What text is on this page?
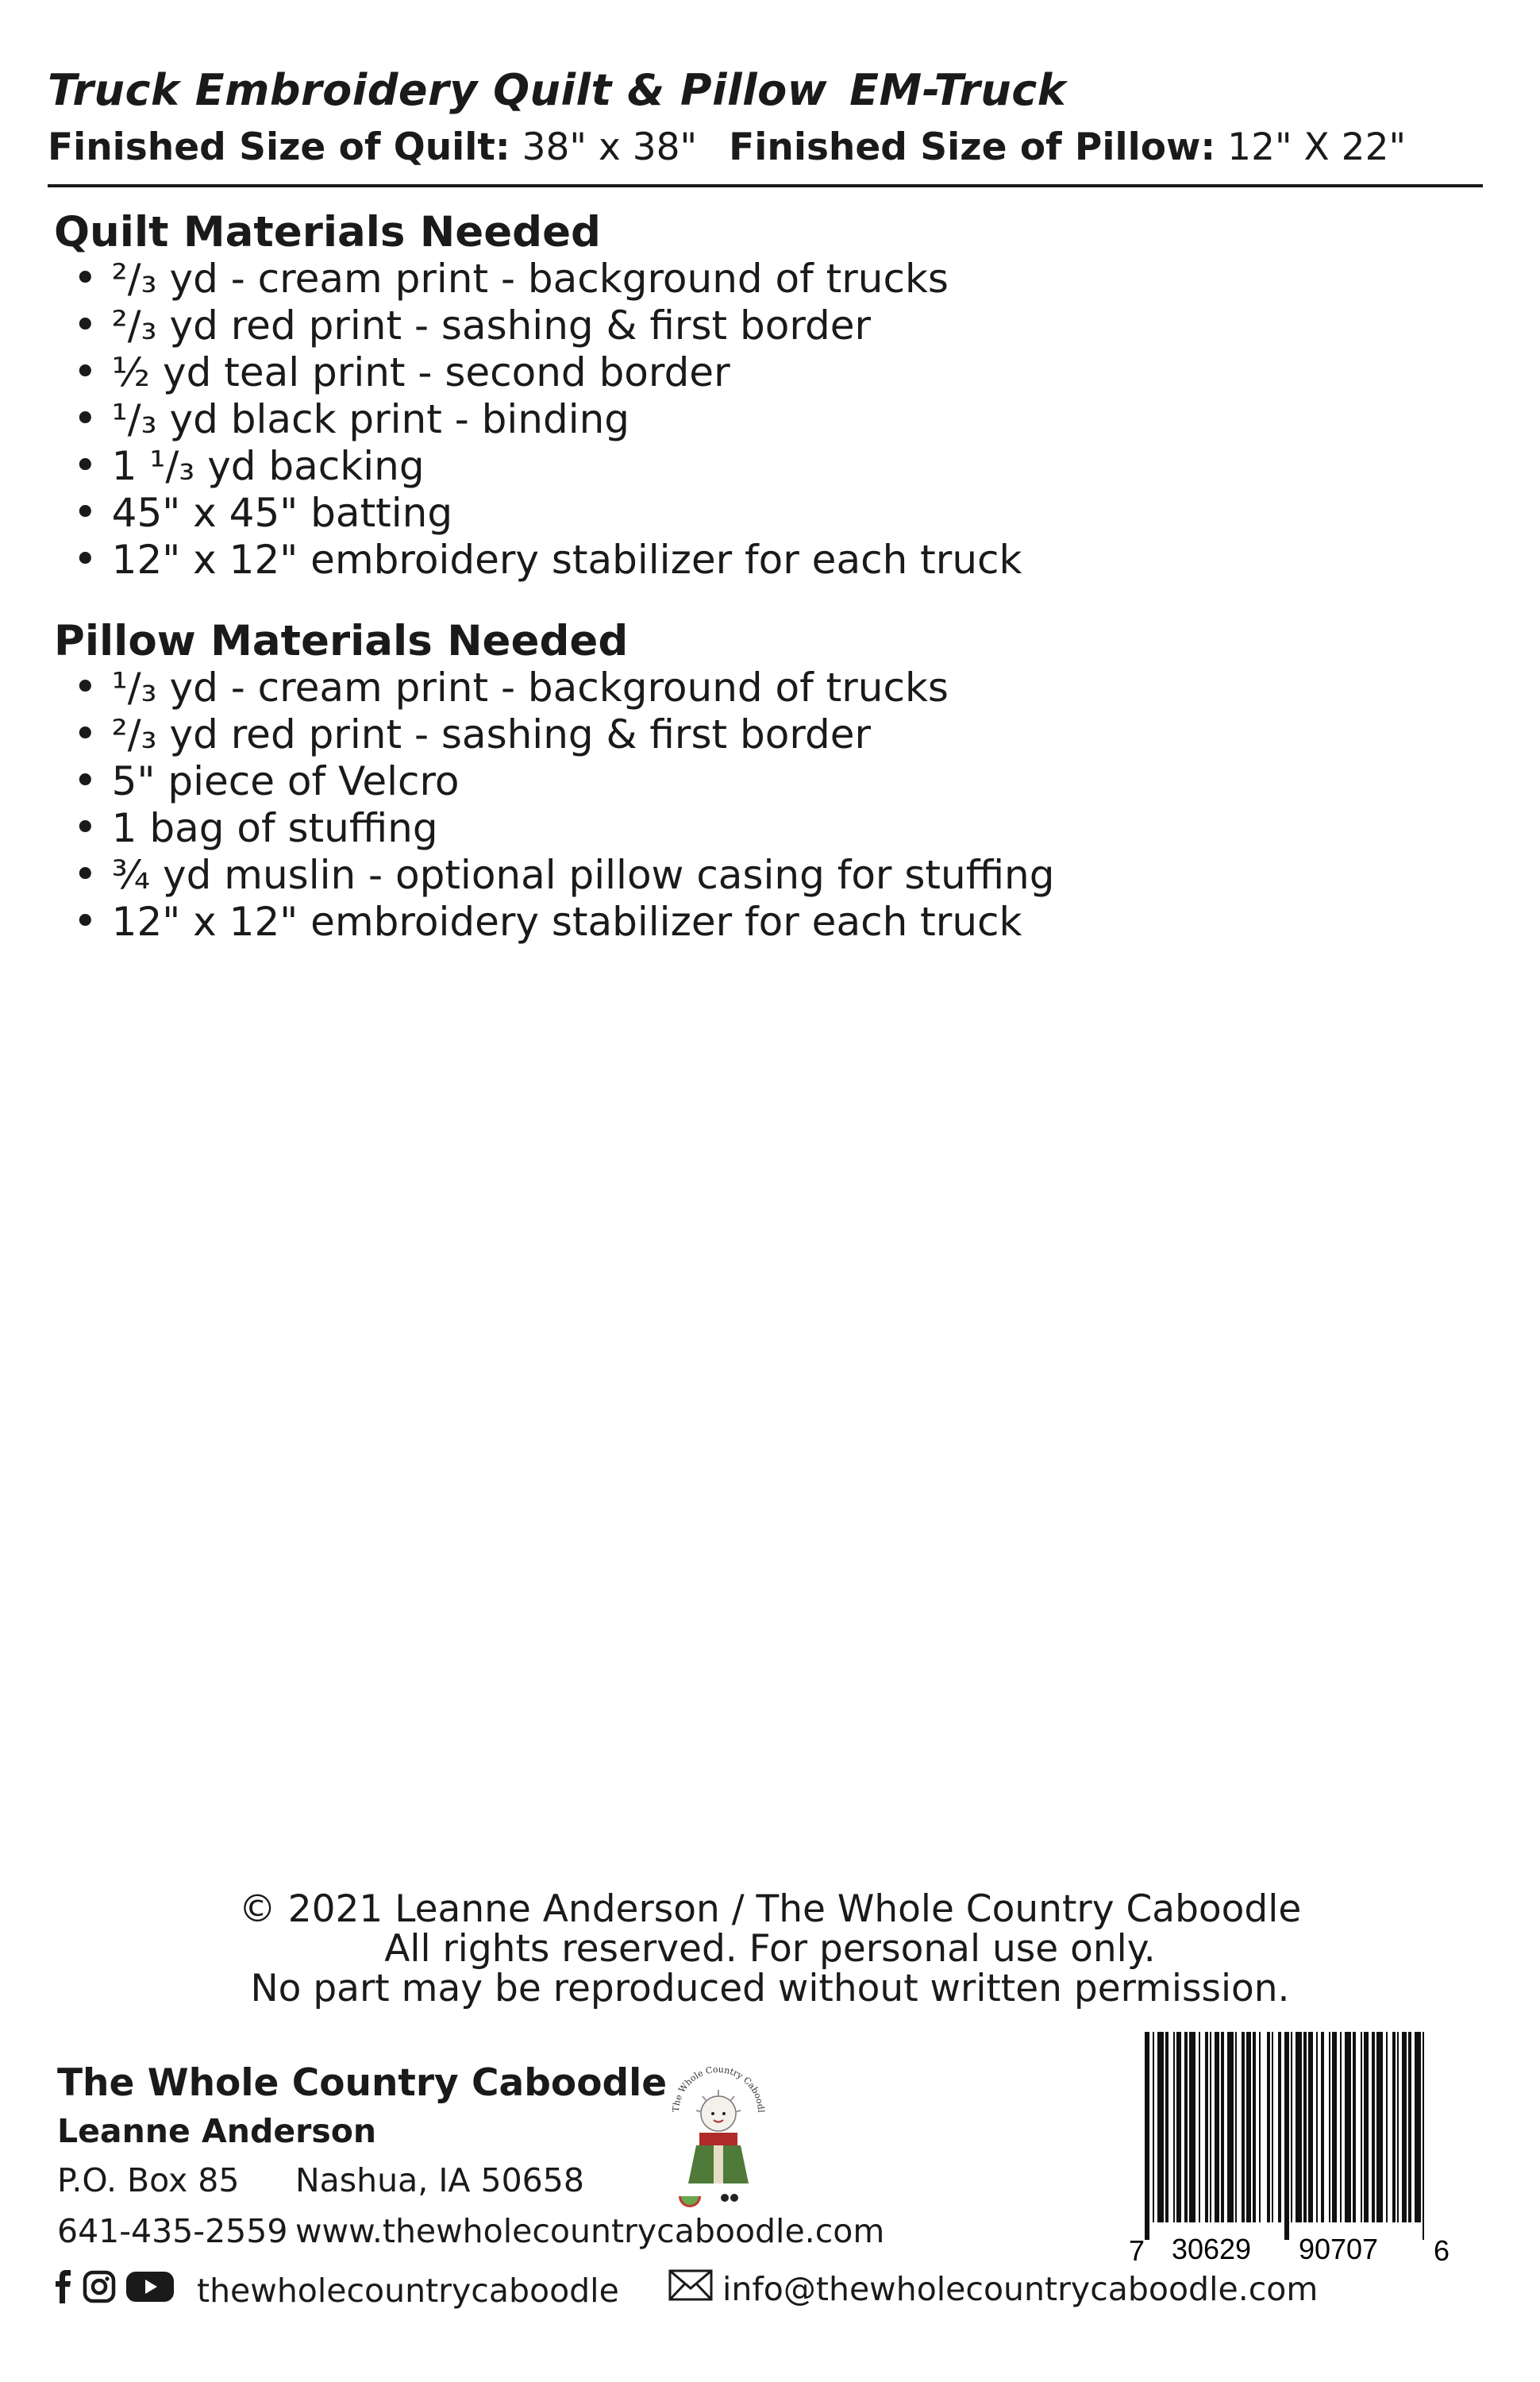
Truck Embroidery Quilt & Pillow EM-Truck
Finished Size of Quilt: 38" x 38" Finished Size of Pillow: 12" X 22"
Quilt Materials Needed
• ²/₃ yd - cream print - background of trucks
• ²/₃ yd red print - sashing & first border
• ½ yd teal print - second border
• ¹/₃ yd black print - binding
• 1 ¹/₃ yd backing
• 45" x 45" batting
• 12" x 12" embroidery stabilizer for each truck
Pillow Materials Needed
• ¹/₃ yd - cream print - background of trucks
• ²/₃ yd red print - sashing & first border
• 5" piece of Velcro
• 1 bag of stuffing
• ¾ yd muslin - optional pillow casing for stuffing
• 12" x 12" embroidery stabilizer for each truck
© 2021 Leanne Anderson / The Whole Country Caboodle
All rights reserved. For personal use only.
No part may be reproduced without written permission.
The Whole Country Caboodle
Leanne Anderson
P.O. Box 85 Nashua, IA 50658
641-435-2559 www.thewholecountrycaboodle.com
The Whole Country Caboodl
7 30629 90707 6
thewholecountrycaboodle	info@thewholecountrycaboodle.com
